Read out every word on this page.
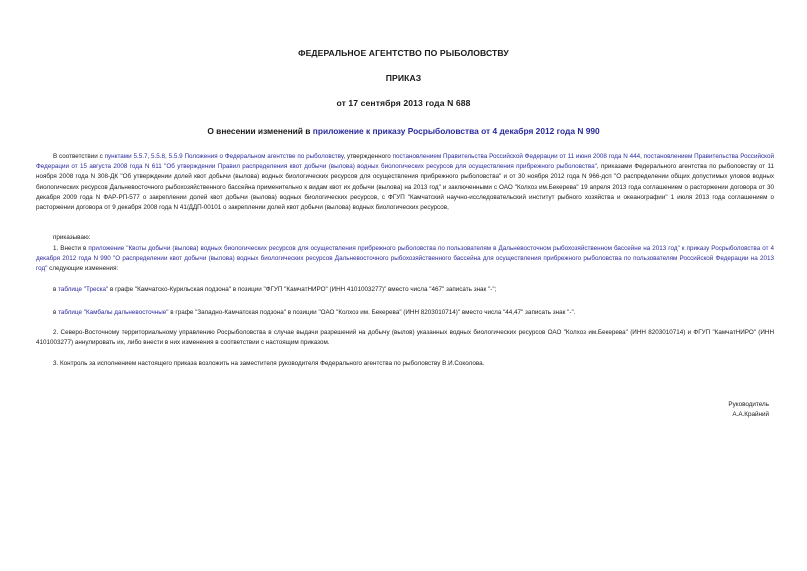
ФЕДЕРАЛЬНОЕ АГЕНТСТВО ПО РЫБОЛОВСТВУ
ПРИКАЗ
от 17 сентября 2013 года N 688
О внесении изменений в приложение к приказу Росрыболовства от 4 декабря 2012 года N 990
В соответствии с пунктами 5.5.7, 5.5.8, 5.5.9 Положения о Федеральном агентстве по рыболовству, утвержденного постановлением Правительства Российской Федерации от 11 июня 2008 года N 444, постановлением Правительства Российской Федерации от 15 августа 2008 года N 611 "Об утверждении Правил распределения квот добычи (вылова) водных биологических ресурсов для осуществления прибрежного рыболовства", приказами Федерального агентства по рыболовству от 11 ноября 2008 года N 308-ДК "Об утверждении долей квот добычи (вылова) водных биологических ресурсов для осуществления прибрежного рыболовства" и от 30 ноября 2012 года N 966-дсп "О распределении общих допустимых уловов водных биологических ресурсов Дальневосточного рыбохозяйственного бассейна применительно к видам квот их добычи (вылова) на 2013 год" и заключенными с ОАО "Колхоз им.Бекерева" 19 апреля 2013 года соглашением о расторжении договора от 30 декабря 2009 года N ФАР-РП-577 о закреплении долей квот добычи (вылова) водных биологических ресурсов, с ФГУП "Камчатский научно-исследовательский институт рыбного хозяйства и океанографии" 1 июля 2013 года соглашением о расторжении договора от 9 декабря 2008 года N 41/ДДП-00101 о закреплении долей квот добычи (вылова) водных биологических ресурсов,
приказываю:
1. Внести в приложение "Квоты добычи (вылова) водных биологических ресурсов для осуществления прибрежного рыболовства по пользователям в Дальневосточном рыбохозяйственном бассейне на 2013 год" к приказу Росрыболовства от 4 декабря 2012 года N 990 "О распределении квот добычи (вылова) водных биологических ресурсов Дальневосточного рыбохозяйственного бассейна для осуществления прибрежного рыболовства по пользователям Российской Федерации на 2013 год" следующие изменения:
в таблице "Треска" в графе "Камчатско-Курильская подзона" в позиции "ФГУП "КамчатНИРО" (ИНН 4101003277)" вместо числа "467" записать знак "-";
в таблице "Камбалы дальневосточные" в графе "Западно-Камчатская подзона" в позиции "ОАО "Колхоз им. Бекерева" (ИНН 8203010714)" вместо числа "44,47" записать знак "-".
2. Северо-Восточному территориальному управлению Росрыболовства в случае выдачи разрешений на добычу (вылов) указанных водных биологических ресурсов ОАО "Колхоз им.Бекерева" (ИНН 8203010714) и ФГУП "КамчатНИРО" (ИНН 4101003277) аннулировать их, либо внести в них изменения в соответствии с настоящим приказом.
3. Контроль за исполнением настоящего приказа возложить на заместителя руководителя Федерального агентства по рыболовству В.И.Соколова.
Руководитель
А.А.Крайний
